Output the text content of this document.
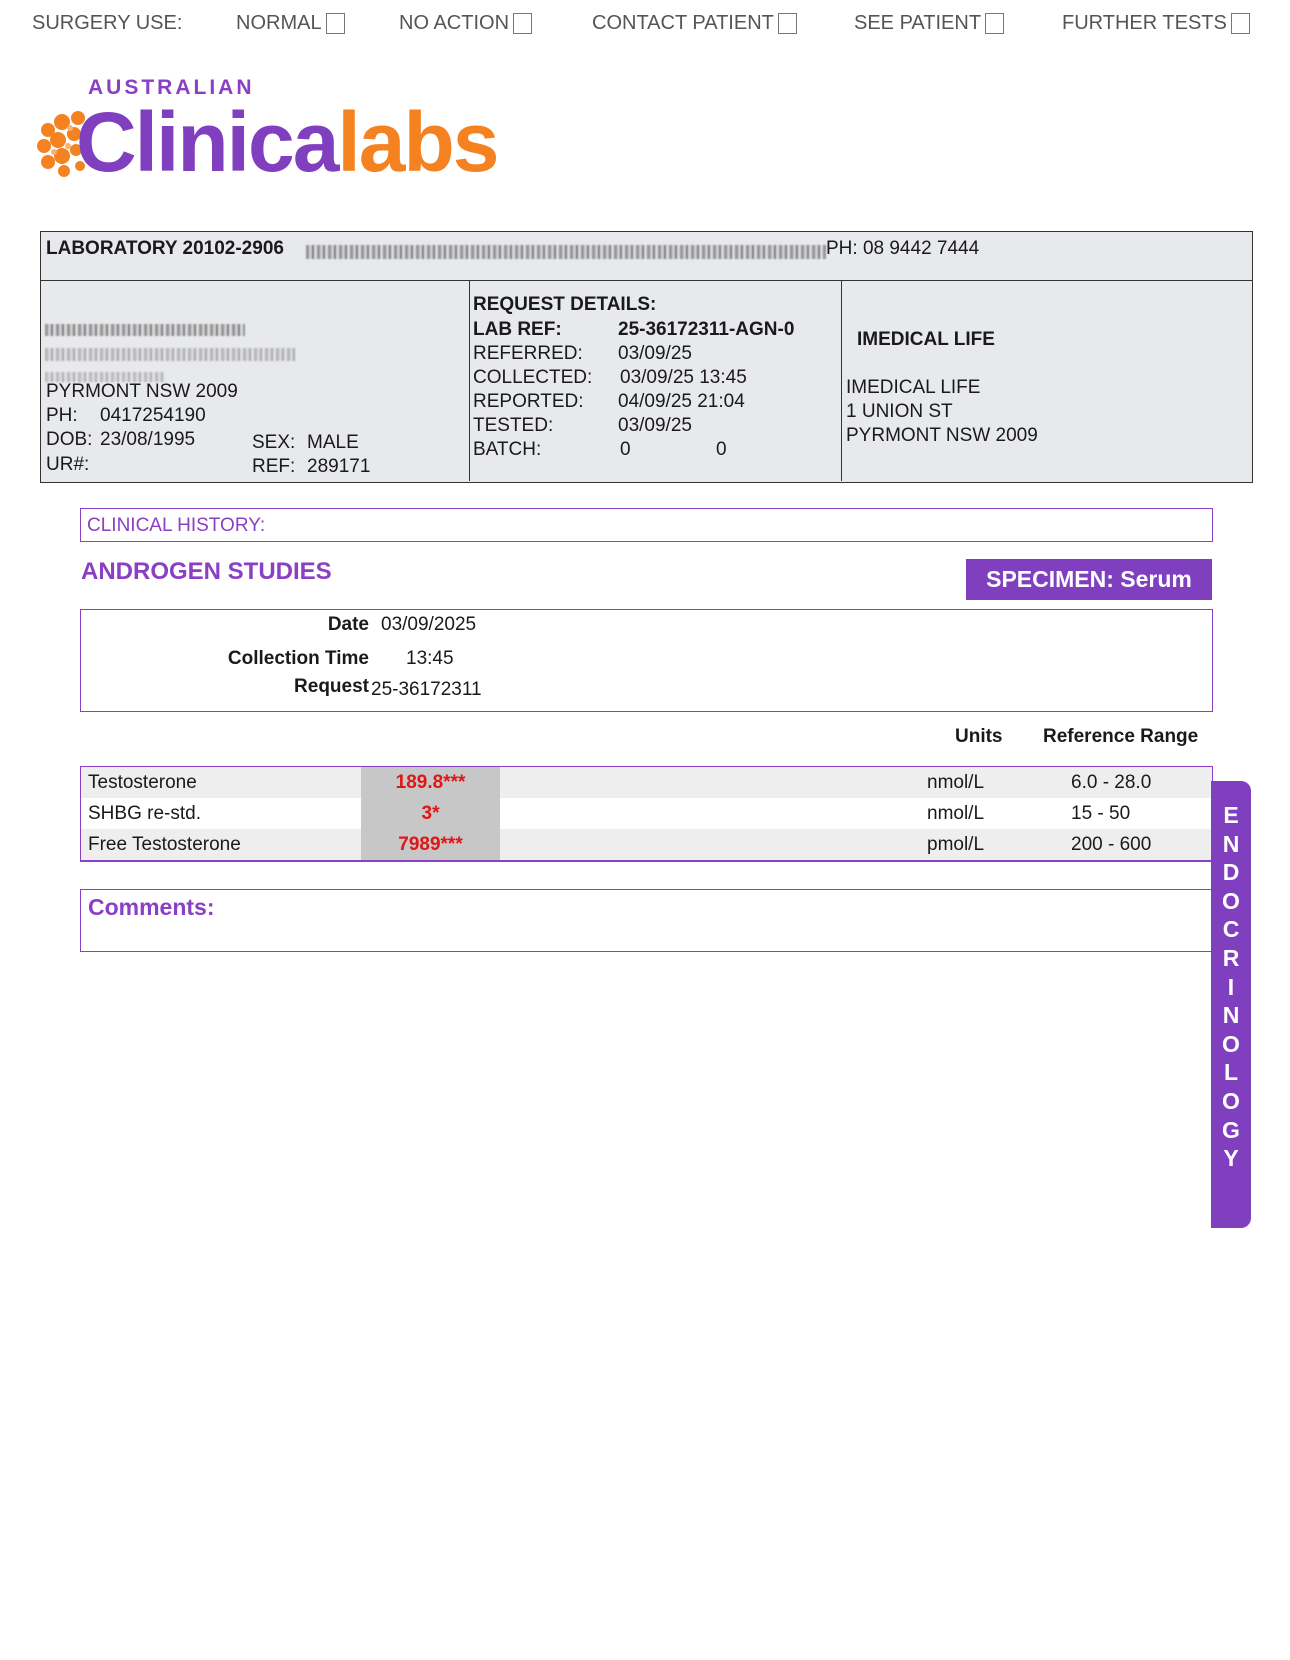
SURGERY USE:	NORMAL	NO ACTION	CONTACT PATIENT	SEE PATIENT	FURTHER TESTS
AUSTRALIAN
Clinicalabs
LABORATORY 20102-2906	PH: 08 9442 7444
PYRMONT NSW 2009
PH: 0417254190
DOB: 23/08/1995	SEX: MALE
UR#:	REF: 289171
REQUEST DETAILS:
LAB REF:	25-36172311-AGN-0
REFERRED: 03/09/25
COLLECTED: 03/09/25 13:45
REPORTED: 04/09/25 21:04
TESTED:	03/09/25
BATCH:	0	0
IMEDICAL LIFE
IMEDICAL LIFE
1 UNION ST
PYRMONT NSW 2009
CLINICAL HISTORY:
ANDROGEN STUDIES	SPECIMEN: Serum
Date 03/09/2025
Collection Time 13:45
Request 25-36172311
Units Reference Range
Testosterone	189.8***	nmol/L	6.0 - 28.0
SHBG re-std.	3*	nmol/L	15 - 50
Free Testosterone	7989***	pmol/L	200 - 600
Comments:
E
N
D
O
C
R
I
N
O
L
O
G
Y
